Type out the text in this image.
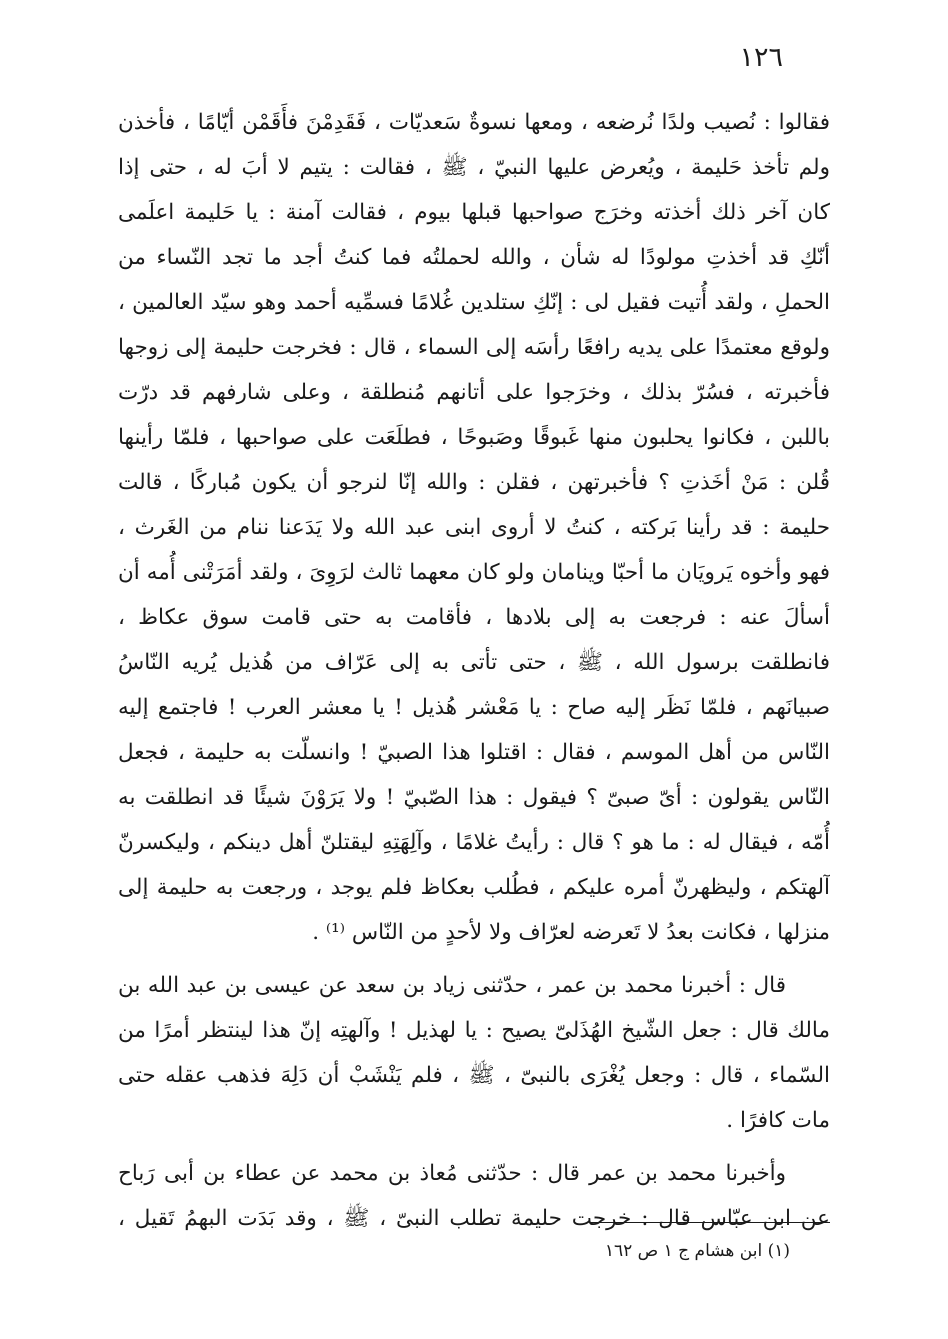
١٢٦
فقالوا : نُصيب ولدًا نُرضعه ، ومعها نسوةٌ سَعديّات ، فَقَدِمْنَ فأَقَمْن أيّامًا ، فأخذن
ولم تأخذ حَليمة ، ويُعرض عليها النبيّ ، ﷺ ، فقالت : يتيم لا أبَ له ، حتى إذا
كان آخر ذلك أخذته وخرَج صواحبها قبلها بيوم ، فقالت آمنة : يا حَليمة اعلَمى
أنّكِ قد أخذتِ مولودًا له شأن ، والله لحملتُه فما كنتُ أجد ما تجد النّساء من
الحملِ ، ولقد أُتيت فقيل لى : إنّكِ ستلدين غُلامًا فسمِّيه أحمد وهو سيّد العالمين ،
ولوقع معتمدًا على يديه رافعًا رأسَه إلى السماء ، قال : فخرجت حليمة إلى زوجها
فأخبرته ، فسُرّ بذلك ، وخرَجوا على أتانهم مُنطلقة ، وعلى شارفهم قد درّت
باللبن ، فكانوا يحلبون منها غَبوقًا وصَبوحًا ، فطلَعَت على صواحبها ، فلمّا رأينها
قُلن : مَنْ أخَذتِ ؟ فأخبرتهن ، فقلن : والله إنّا لنرجو أن يكون مُباركًا ، قالت
حليمة : قد رأينا بَركته ، كنتُ لا أروى ابنى عبد الله ولا يَدَعنا ننام من الغَرث ،
فهو وأخوه يَرويَان ما أحبّا وينامان ولو كان معهما ثالث لرَوِىَ ، ولقد أمَرَتْنى أُمه أن
أسألَ عنه : فرجعت به إلى بلادها ، فأقامت به حتى قامت سوق عكاظ ،
فانطلقت برسول الله ، ﷺ ، حتى تأتى به إلى عَرّاف من هُذيل يُريه النّاسُ
صبيانَهم ، فلمّا نَظَر إليه صاح : يا مَعْشر هُذيل ! يا معشر العرب ! فاجتمع إليه
النّاس من أهل الموسم ، فقال : اقتلوا هذا الصبيّ ! وانسلّت به حليمة ، فجعل
النّاس يقولون : أىّ صبىّ ؟ فيقول : هذا الصّبيّ ! ولا يَرَوْنَ شيئًا قد انطلقت به
أُمّه ، فيقال له : ما هو ؟ قال : رأيتُ غلامًا ، وآلِهَتِهِ ليقتلنّ أهل دينكم ، وليكسرنّ
آلهتكم ، وليظهرنّ أمره عليكم ، فطُلب بعكاظ فلم يوجد ، ورجعت به حليمة إلى
منزلها ، فكانت بعدُ لا تَعرضه لعرّاف ولا لأحدٍ من النّاس ⁽¹⁾ .
قال : أخبرنا محمد بن عمر ، حدّثنى زياد بن سعد عن عيسى بن عبد الله بن
مالك قال : جعل الشّيخ الهُذَلىّ يصيح : يا لهذيل ! وآلهتِه إنّ هذا لينتظر أمرًا من
السّماء ، قال : وجعل يُغْرَى بالنبىّ ، ﷺ ، فلم يَنْشَبْ أن دَلِهَ فذهب عقله حتى
مات كافرًا .
وأخبرنا محمد بن عمر قال : حدّثنى مُعاذ بن محمد عن عطاء بن أبى رَباح
عن ابن عبّاس قال : خرجت حليمة تطلب النبىّ ، ﷺ ، وقد بَدَت البهمُ تَقيل ،
(١) ابن هشام ج ١ ص ١٦٢
